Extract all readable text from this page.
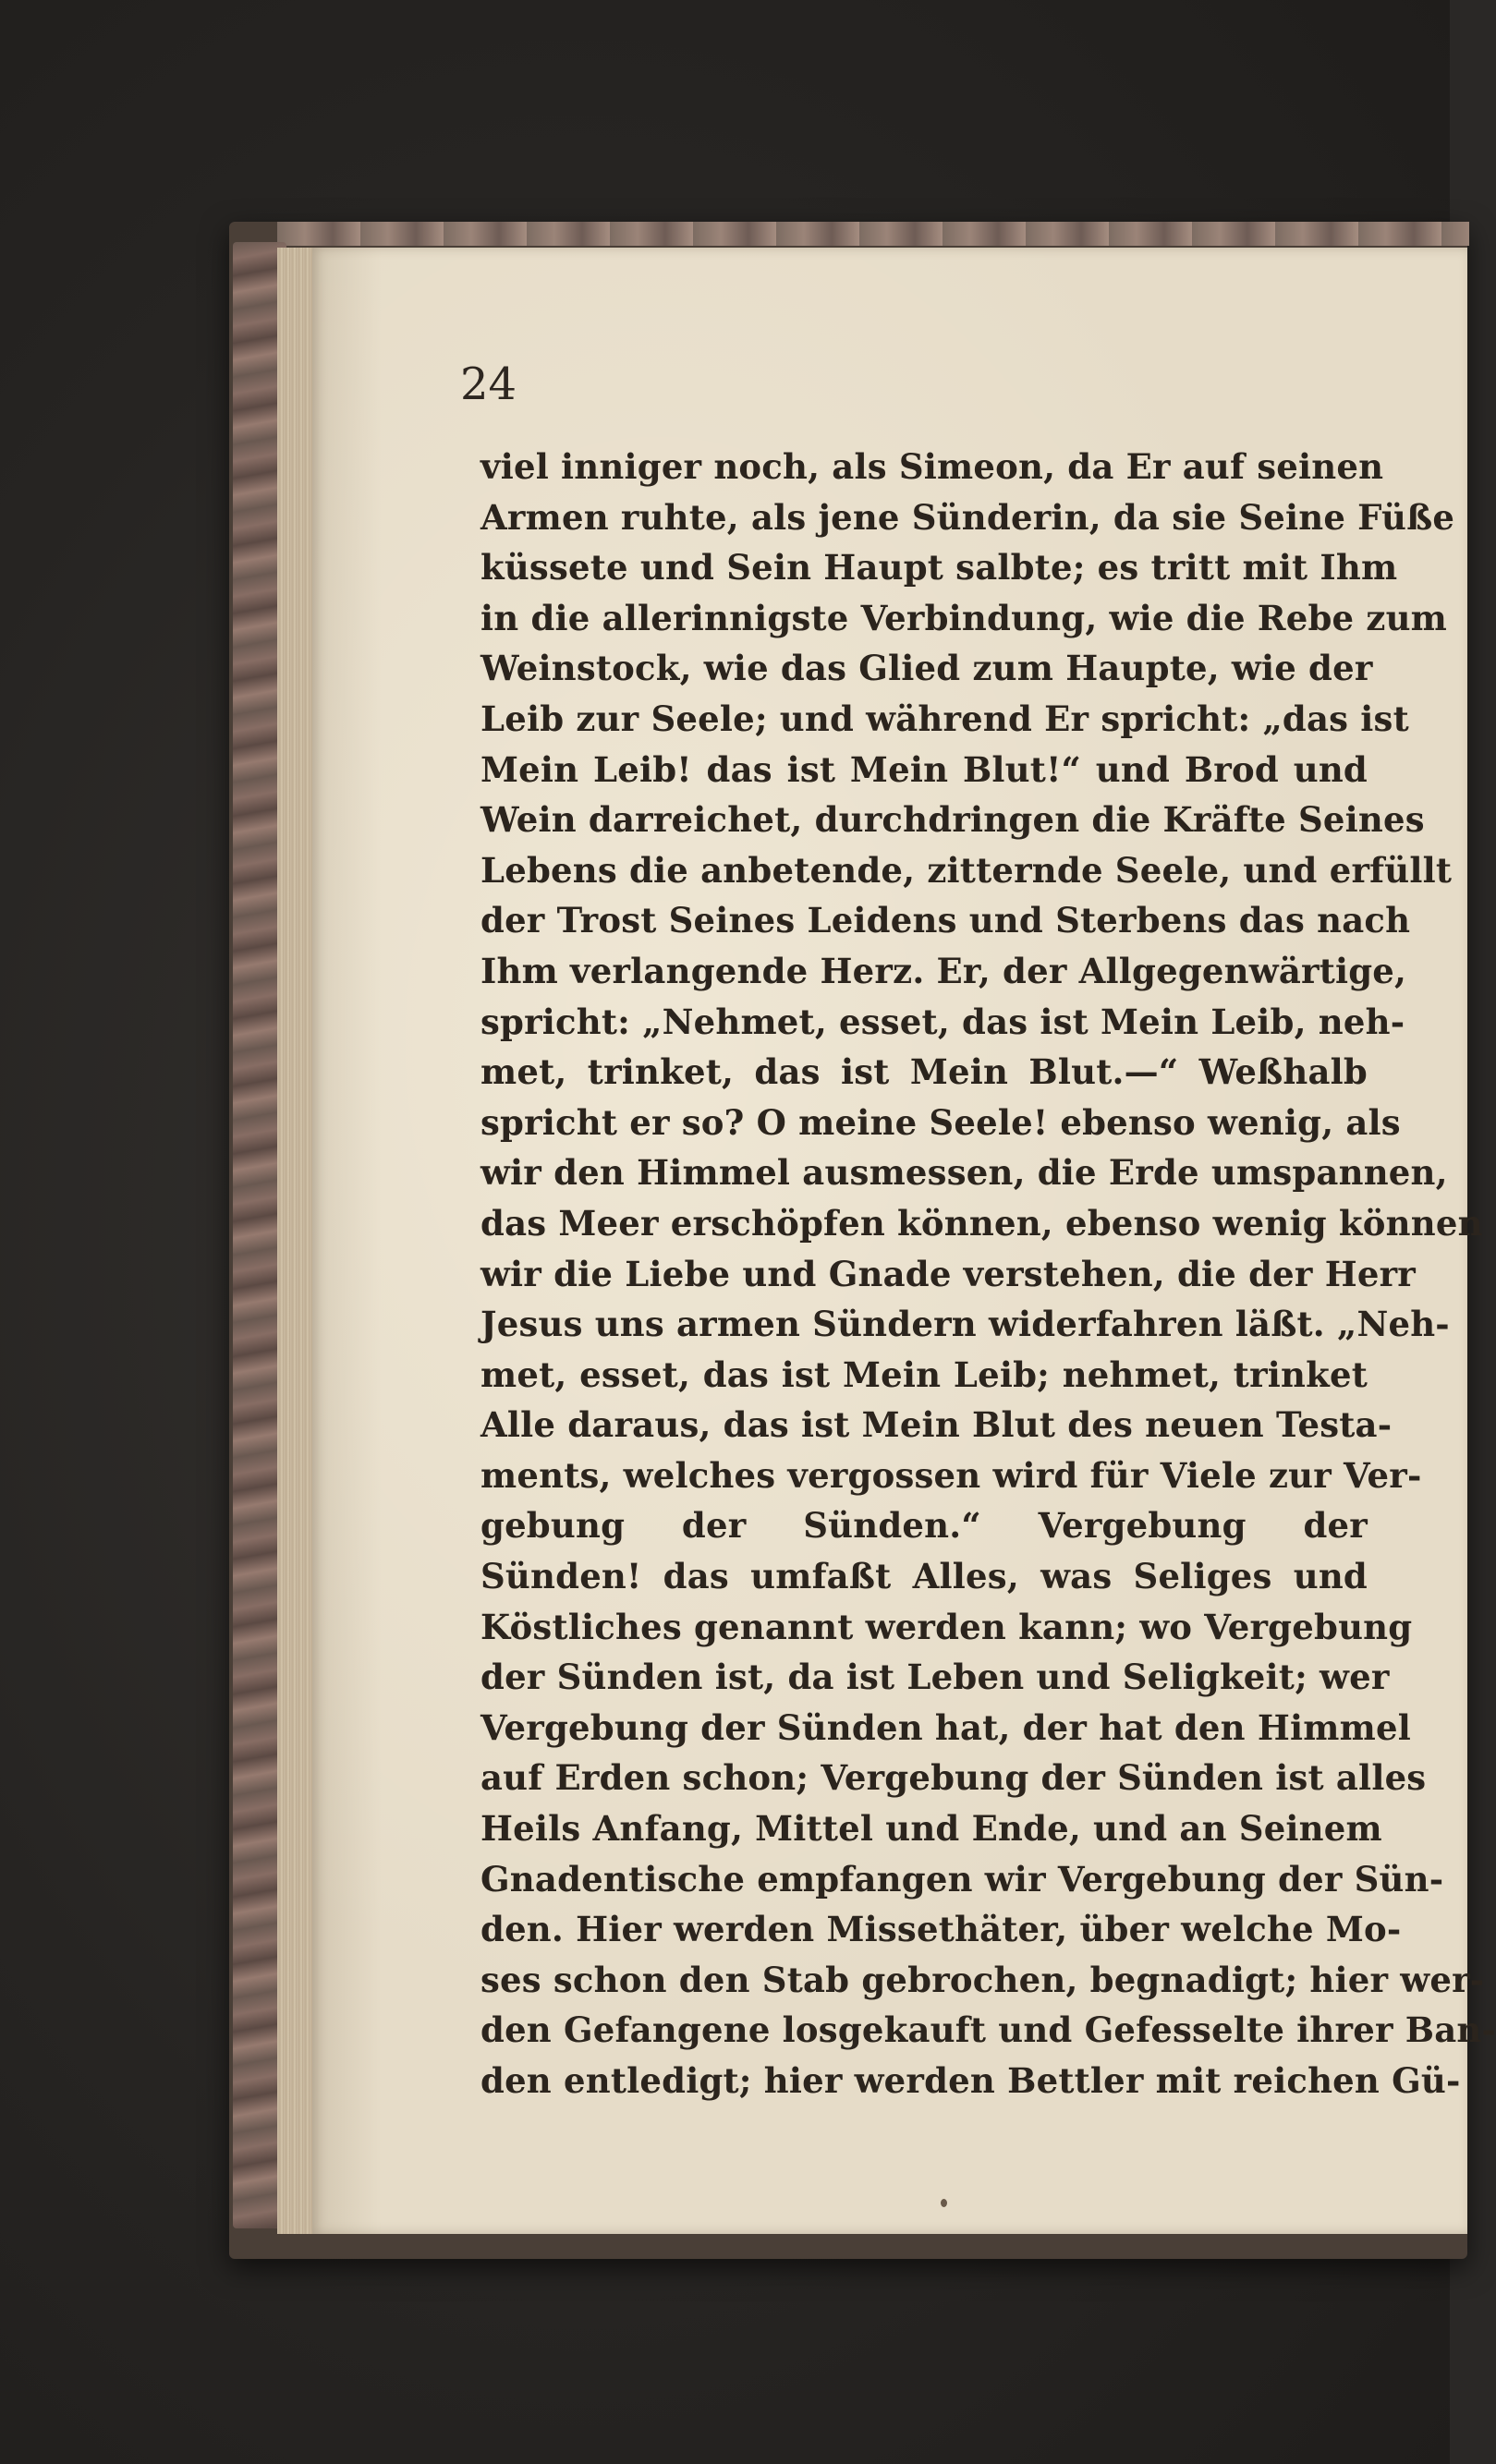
24

viel inniger noch, als Simeon, da Er auf seinen
Armen ruhte, als jene Sünderin, da sie Seine Füße
küssete und Sein Haupt salbte; es tritt mit Ihm
in die allerinnigste Verbindung, wie die Rebe zum
Weinstock, wie das Glied zum Haupte, wie der
Leib zur Seele; und während Er spricht: „das ist
Mein Leib! das ist Mein Blut!“ und Brod und
Wein darreichet, durchdringen die Kräfte Seines
Lebens die anbetende, zitternde Seele, und erfüllt
der Trost Seines Leidens und Sterbens das nach
Ihm verlangende Herz. Er, der Allgegenwärtige,
spricht: „Nehmet, esset, das ist Mein Leib, neh-
met, trinket, das ist Mein Blut.—“ Weßhalb
spricht er so? O meine Seele! ebenso wenig, als
wir den Himmel ausmessen, die Erde umspannen,
das Meer erschöpfen können, ebenso wenig können
wir die Liebe und Gnade verstehen, die der Herr
Jesus uns armen Sündern widerfahren läßt. „Neh-
met, esset, das ist Mein Leib; nehmet, trinket
Alle daraus, das ist Mein Blut des neuen Testa-
ments, welches vergossen wird für Viele zur Ver-
gebung der Sünden.“ Vergebung der
Sünden! das umfaßt Alles, was Seliges und
Köstliches genannt werden kann; wo Vergebung
der Sünden ist, da ist Leben und Seligkeit; wer
Vergebung der Sünden hat, der hat den Himmel
auf Erden schon; Vergebung der Sünden ist alles
Heils Anfang, Mittel und Ende, und an Seinem
Gnadentische empfangen wir Vergebung der Sün-
den. Hier werden Missethäter, über welche Mo-
ses schon den Stab gebrochen, begnadigt; hier wer-
den Gefangene losgekauft und Gefesselte ihrer Ban-
den entledigt; hier werden Bettler mit reichen Gü-
